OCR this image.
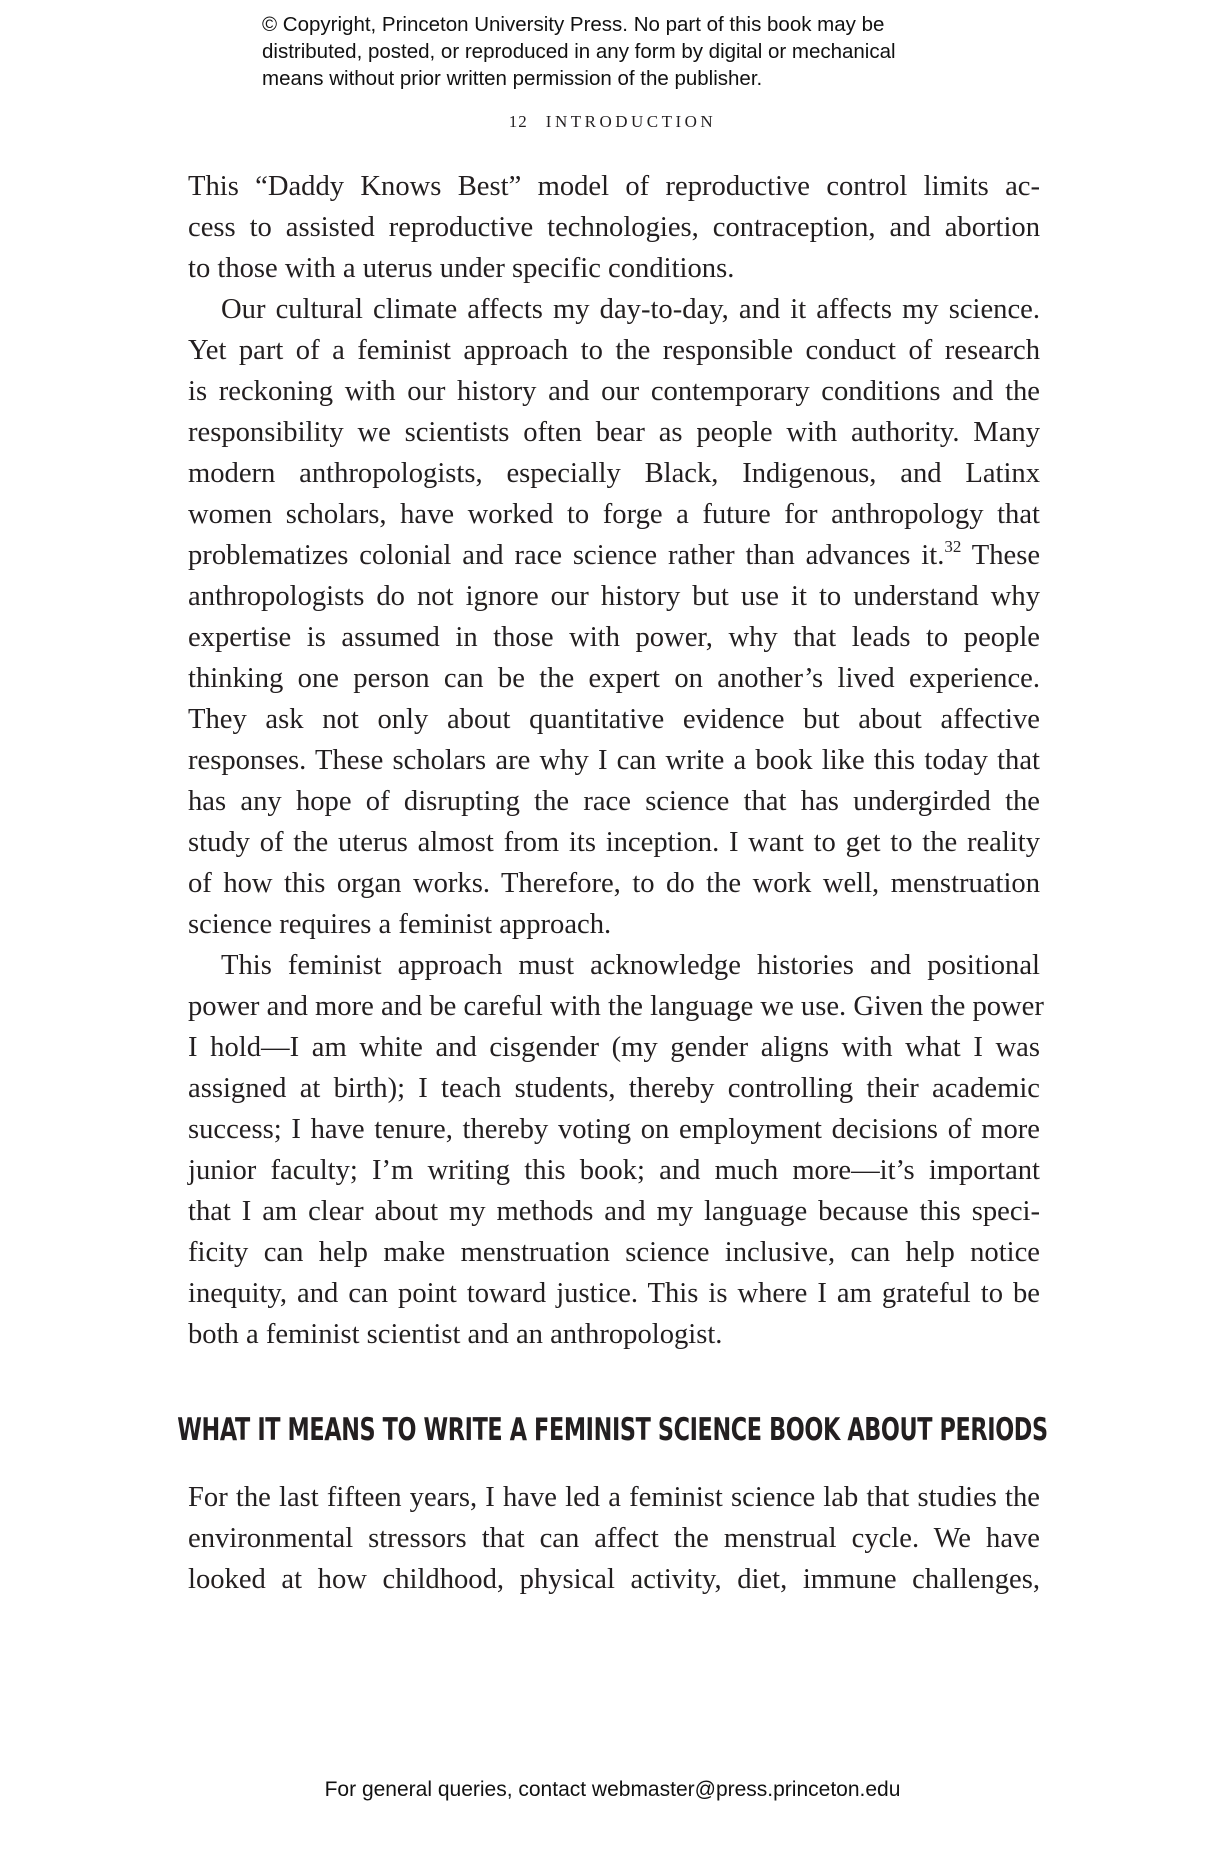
© Copyright, Princeton University Press. No part of this book may be
distributed, posted, or reproduced in any form by digital or mechanical
means without prior written permission of the publisher.
12 INTRODUCTION
This “Daddy Knows Best” model of reproductive control limits ac-
cess to assisted reproductive technologies, contraception, and abortion
to those with a uterus under specific conditions.
Our cultural climate affects my day-to-day, and it affects my science.
Yet part of a feminist approach to the responsible conduct of research
is reckoning with our history and our contemporary conditions and the
responsibility we scientists often bear as people with authority. Many
modern anthropologists, especially Black, Indigenous, and Latinx
women scholars, have worked to forge a future for anthropology that
problematizes colonial and race science rather than advances it.$^{32}$ These
anthropologists do not ignore our history but use it to understand why
expertise is assumed in those with power, why that leads to people
thinking one person can be the expert on another’s lived experience.
They ask not only about quantitative evidence but about affective
responses. These scholars are why I can write a book like this today that
has any hope of disrupting the race science that has undergirded the
study of the uterus almost from its inception. I want to get to the reality
of how this organ works. Therefore, to do the work well, menstruation
science requires a feminist approach.
This feminist approach must acknowledge histories and positional
power and more and be careful with the language we use. Given the power
I hold—I am white and cisgender (my gender aligns with what I was
assigned at birth); I teach students, thereby controlling their academic
success; I have tenure, thereby voting on employment decisions of more
junior faculty; I’m writing this book; and much more—it’s important
that I am clear about my methods and my language because this speci-
ficity can help make menstruation science inclusive, can help notice
inequity, and can point toward justice. This is where I am grateful to be
both a feminist scientist and an anthropologist.
WHAT IT MEANS TO WRITE A FEMINIST SCIENCE BOOK ABOUT PERIODS
For the last fifteen years, I have led a feminist science lab that studies the
environmental stressors that can affect the menstrual cycle. We have
looked at how childhood, physical activity, diet, immune challenges,
For general queries, contact webmaster@press.princeton.edu
